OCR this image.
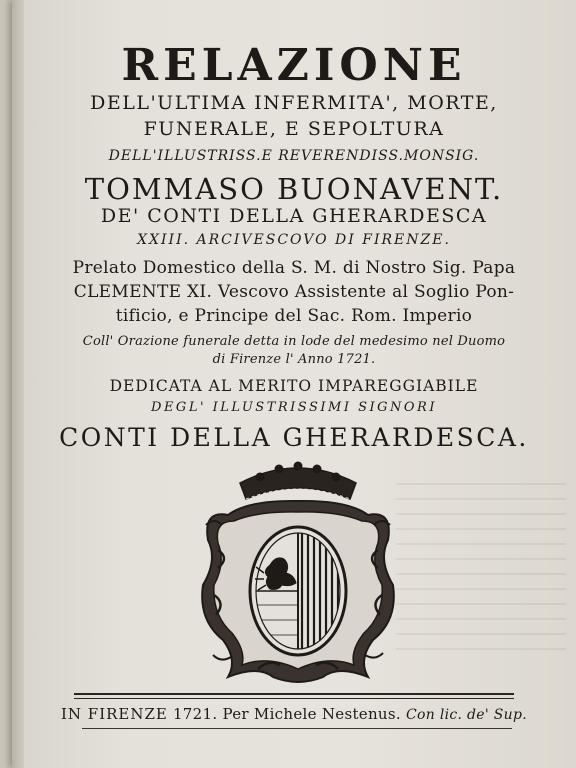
RELAZIONE
DELL'ULTIMA INFERMITA', MORTE,
FUNERALE, E SEPOLTURA
DELL'ILLUSTRISS.E REVERENDISS.MONSIG.
TOMMASO BUONAVENT.
DE' CONTI DELLA GHERARDESCA
XXIII. ARCIVESCOVO DI FIRENZE.
Prelato Domestico della S. M. di Nostro Sig. Papa
CLEMENTE XI. Vescovo Assistente al Soglio Pon-
tificio, e Principe del Sac. Rom. Imperio
Coll' Orazione funerale detta in lode del medesimo nel Duomo
di Firenze l' Anno 1721.
DEDICATA AL MERITO IMPAREGGIABILE
DEGL' ILLUSTRISSIMI SIGNORI
CONTI DELLA GHERARDESCA.
IN FIRENZE 1721. Per Michele Nestenus. Con lic. de' Sup.
